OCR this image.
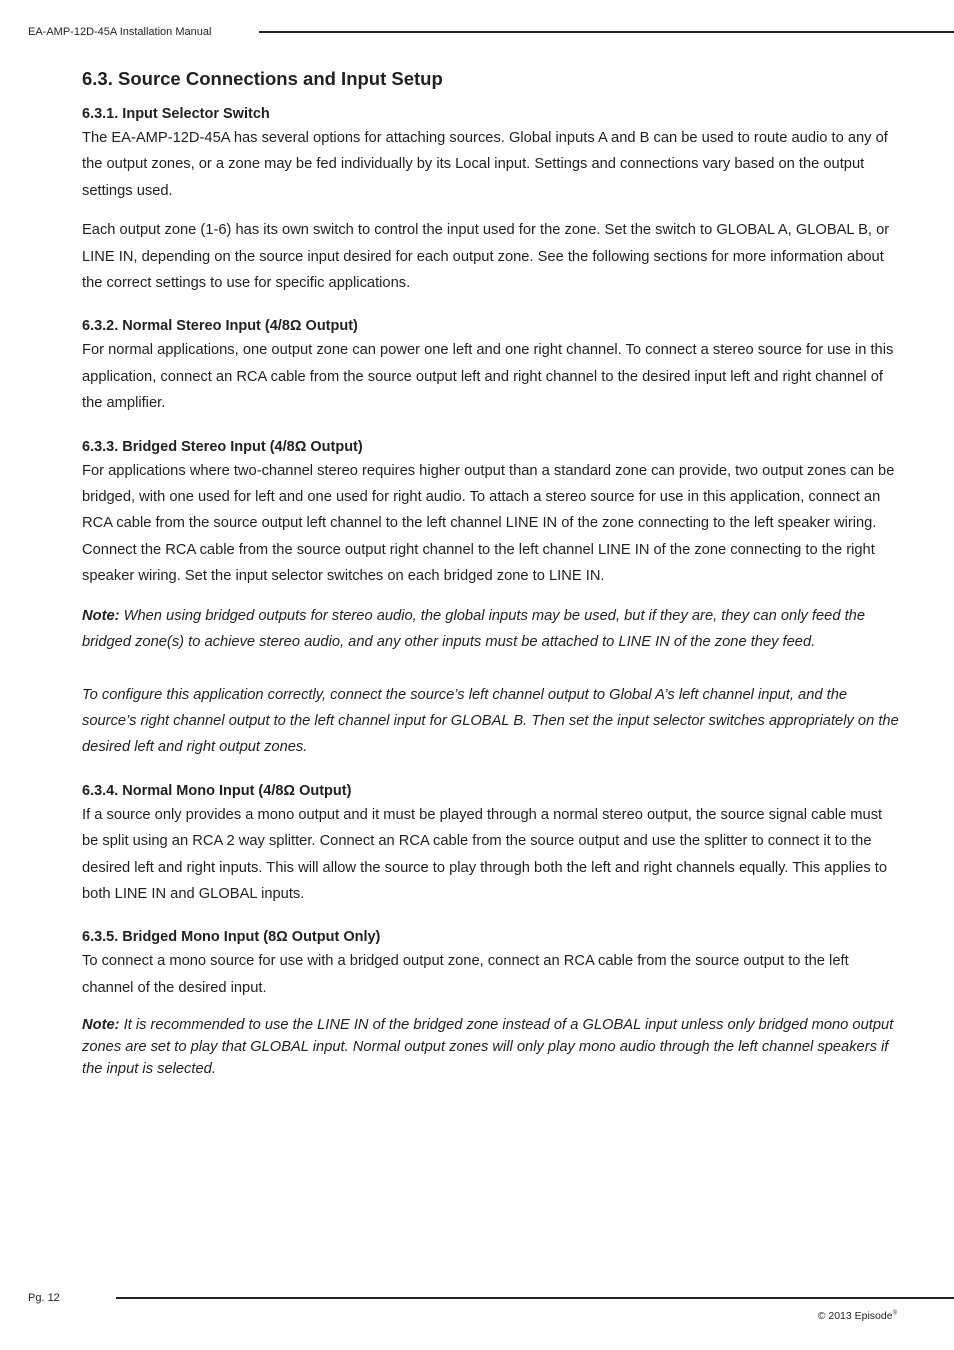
EA-AMP-12D-45A Installation Manual
6.3. Source Connections and Input Setup
6.3.1. Input Selector Switch

The EA-AMP-12D-45A has several options for attaching sources. Global inputs A and B can be used to route audio to any of the output zones, or a zone may be fed individually by its Local input. Settings and connections vary based on the output settings used.

Each output zone (1-6) has its own switch to control the input used for the zone. Set the switch to GLOBAL A, GLOBAL B, or LINE IN, depending on the source input desired for each output zone. See the following sections for more information about the correct settings to use for specific applications.

6.3.2. Normal Stereo Input (4/8Ω Output)

For normal applications, one output zone can power one left and one right channel. To connect a stereo source for use in this application, connect an RCA cable from the source output left and right channel to the desired input left and right channel of the amplifier.

6.3.3. Bridged Stereo Input (4/8Ω Output)

For applications where two-channel stereo requires higher output than a standard zone can provide, two output zones can be bridged, with one used for left and one used for right audio. To attach a stereo source for use in this application, connect an RCA cable from the source output left channel to the left channel LINE IN of the zone connecting to the left speaker wiring. Connect the RCA cable from the source output right channel to the left channel LINE IN of the zone connecting to the right speaker wiring. Set the input selector switches on each bridged zone to LINE IN.

Note: When using bridged outputs for stereo audio, the global inputs may be used, but if they are, they can only feed the bridged zone(s) to achieve stereo audio, and any other inputs must be attached to LINE IN of the zone they feed.

To configure this application correctly, connect the source’s left channel output to Global A’s left channel input, and the source’s right channel output to the left channel input for GLOBAL B. Then set the input selector switches appropriately on the desired left and right output zones.

6.3.4. Normal Mono Input (4/8Ω Output)

If a source only provides a mono output and it must be played through a normal stereo output, the source signal cable must be split using an RCA 2 way splitter. Connect an RCA cable from the source output and use the splitter to connect it to the desired left and right inputs. This will allow the source to play through both the left and right channels equally. This applies to both LINE IN and GLOBAL inputs.

6.3.5. Bridged Mono Input (8Ω Output Only)

To connect a mono source for use with a bridged output zone, connect an RCA cable from the source output to the left channel of the desired input.

Note: It is recommended to use the LINE IN of the bridged zone instead of a GLOBAL input unless only bridged mono output zones are set to play that GLOBAL input. Normal output zones will only play mono audio through the left channel speakers if the input is selected.

Pg. 12
© 2013 Episode®
